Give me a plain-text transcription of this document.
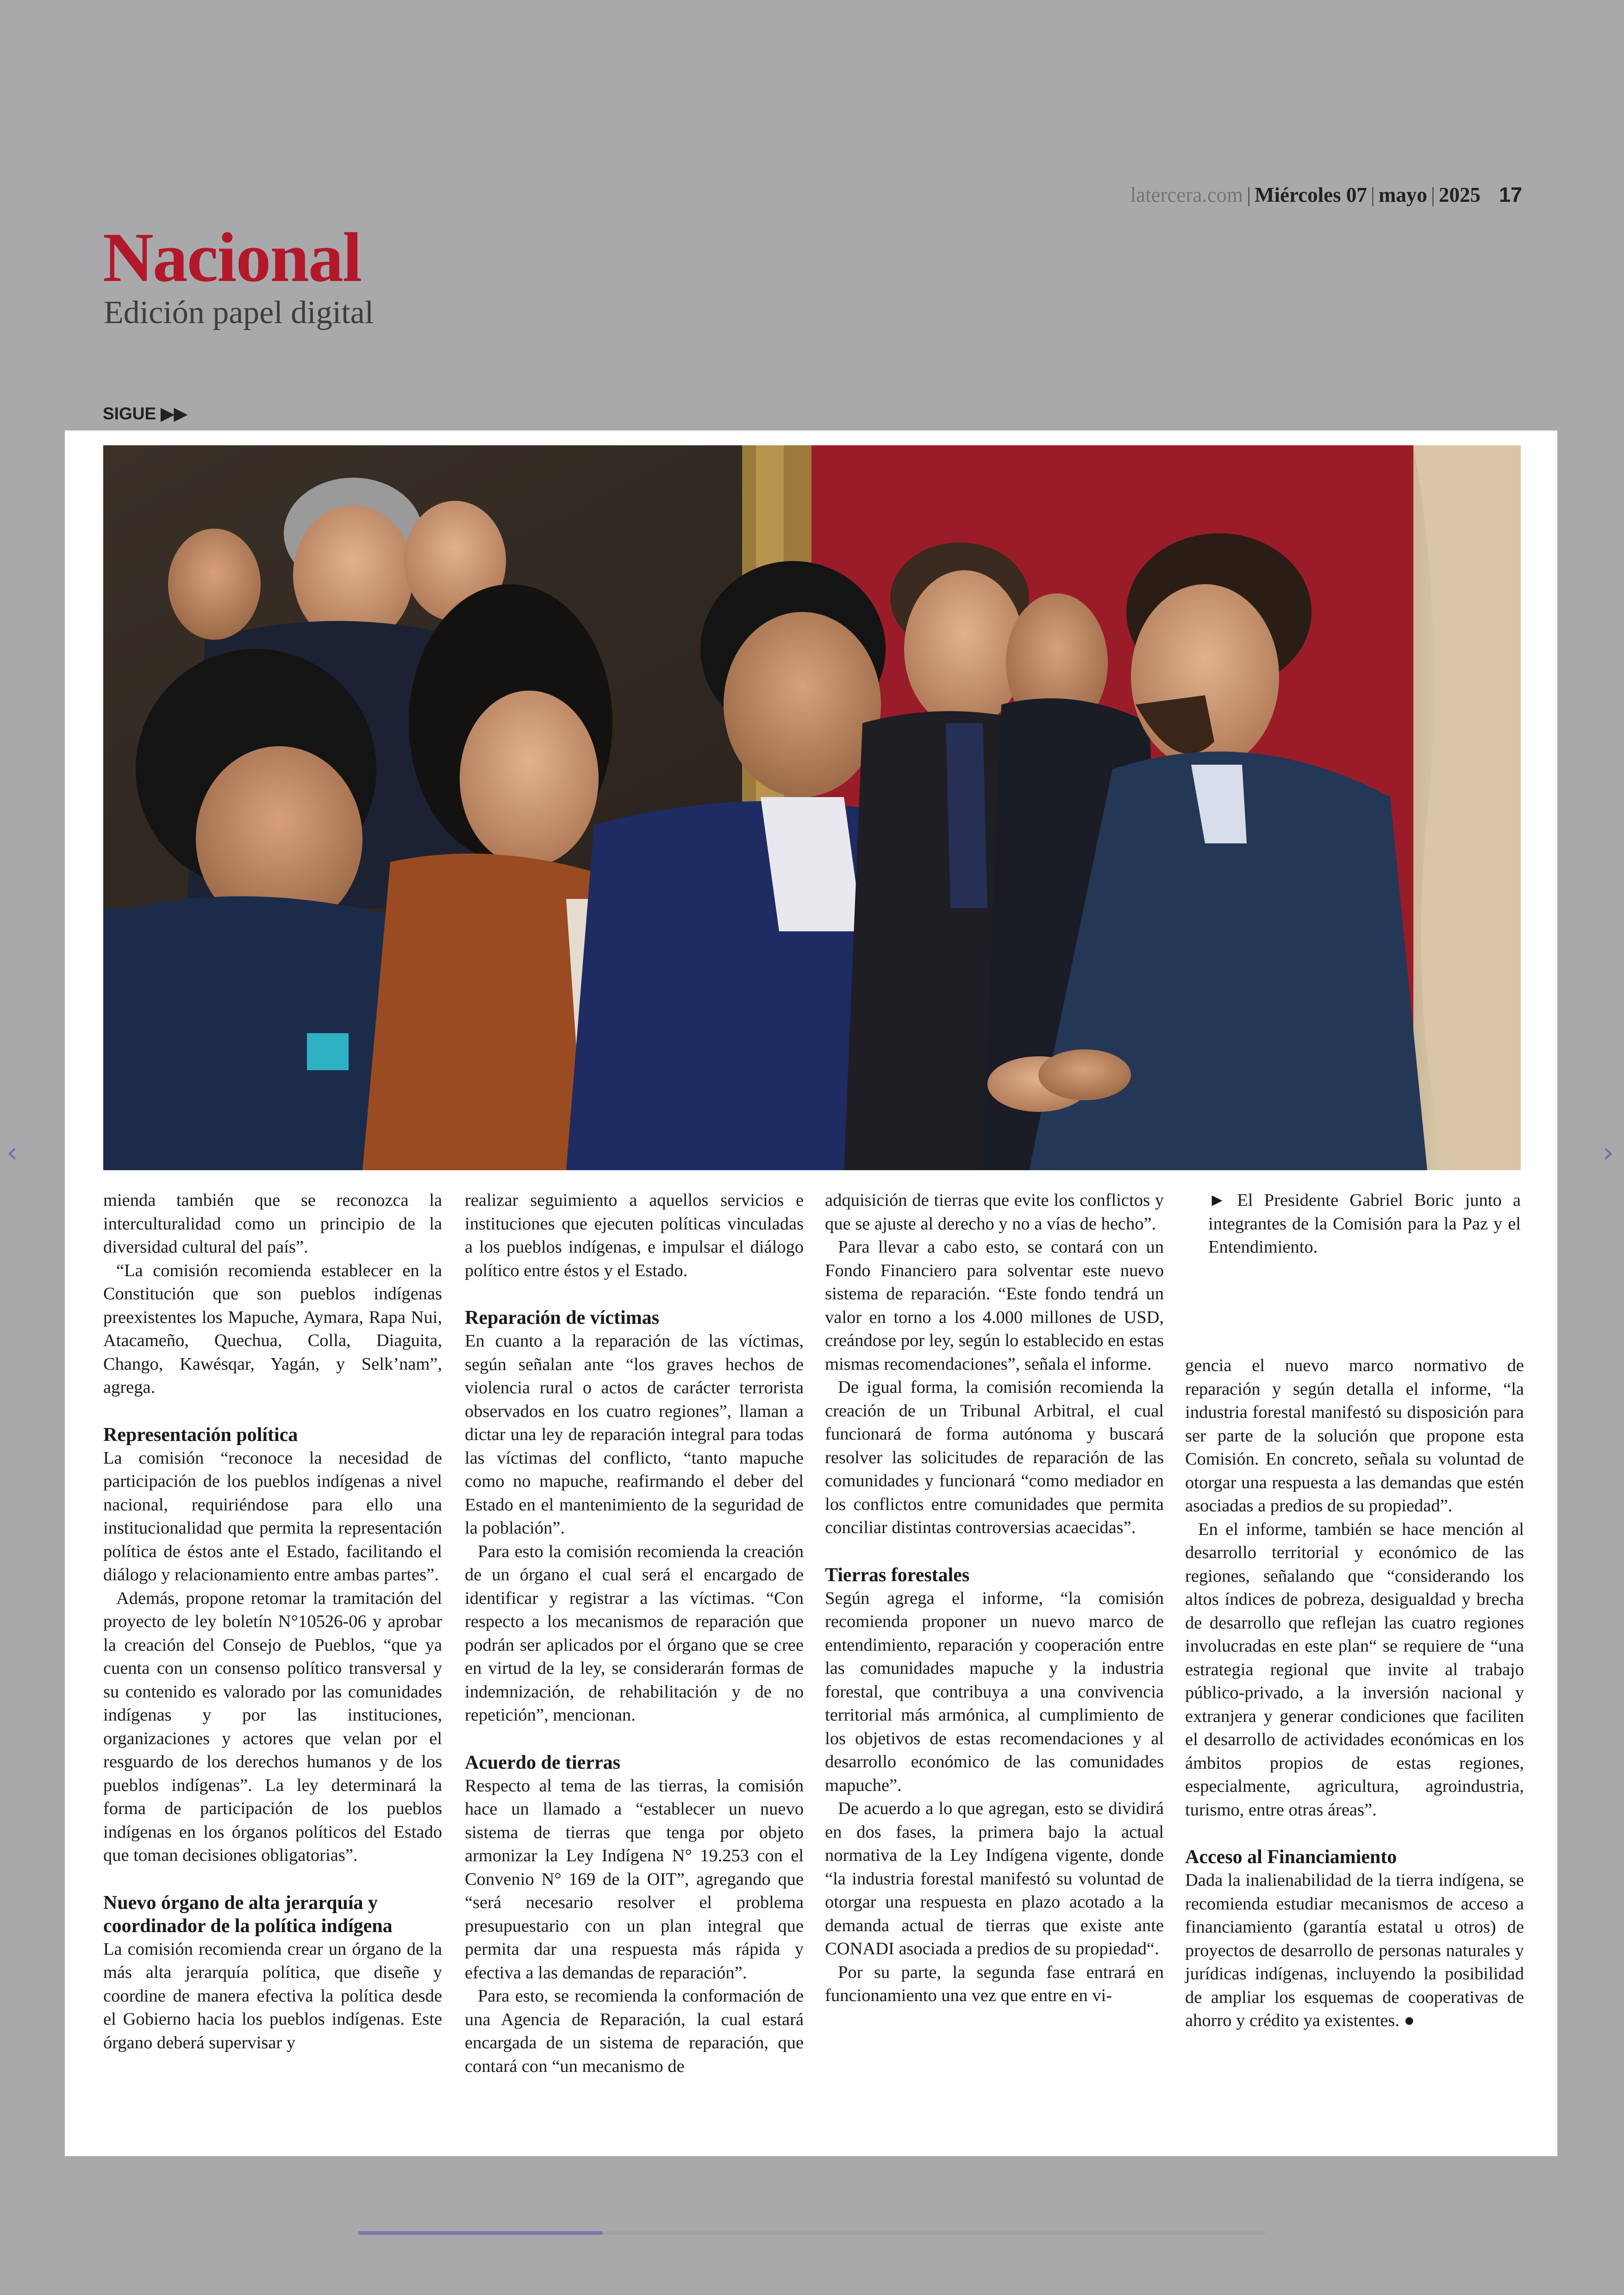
latercera.com | Miércoles 07 | mayo | 2025 17
Nacional
Edición papel digital
SIGUE ▶▶
‹	›

mienda también que se reconozca la interculturalidad como un principio de la diversidad cultural del país”.

“La comisión recomienda establecer en la Constitución que son pueblos indígenas preexistentes los Mapuche, Aymara, Rapa Nui, Atacameño, Quechua, Colla, Diaguita, Chango, Kawésqar, Yagán, y Selk’nam”, agrega.

Representación política

La comisión “reconoce la necesidad de participación de los pueblos indígenas a nivel nacional, requiriéndose para ello una institucionalidad que permita la representación política de éstos ante el Estado, facilitando el diálogo y relacionamiento entre ambas partes”.

Además, propone retomar la tramitación del proyecto de ley boletín N°10526-06 y aprobar la creación del Consejo de Pueblos, “que ya cuenta con un consenso político transversal y su contenido es valorado por las comunidades indígenas y por las instituciones, organizaciones y actores que velan por el resguardo de los derechos humanos y de los pueblos indígenas”. La ley determinará la forma de participación de los pueblos indígenas en los órganos políticos del Estado que toman decisiones obligatorias”.

Nuevo órgano de alta jerarquía y coordinador de la política indígena

La comisión recomienda crear un órgano de la más alta jerarquía política, que diseñe y coordine de manera efectiva la política desde el Gobierno hacia los pueblos indígenas. Este órgano deberá supervisar y

realizar seguimiento a aquellos servicios e instituciones que ejecuten políticas vinculadas a los pueblos indígenas, e impulsar el diálogo político entre éstos y el Estado.

Reparación de víctimas

En cuanto a la reparación de las víctimas, según señalan ante “los graves hechos de violencia rural o actos de carácter terrorista observados en los cuatro regiones”, llaman a dictar una ley de reparación integral para todas las víctimas del conflicto, “tanto mapuche como no mapuche, reafirmando el deber del Estado en el mantenimiento de la seguridad de la población”.

Para esto la comisión recomienda la creación de un órgano el cual será el encargado de identificar y registrar a las víctimas. “Con respecto a los mecanismos de reparación que podrán ser aplicados por el órgano que se cree en virtud de la ley, se considerarán formas de indemnización, de rehabilitación y de no repetición”, mencionan.

Acuerdo de tierras

Respecto al tema de las tierras, la comisión hace un llamado a “establecer un nuevo sistema de tierras que tenga por objeto armonizar la Ley Indígena N° 19.253 con el Convenio N° 169 de la OIT”, agregando que “será necesario resolver el problema presupuestario con un plan integral que permita dar una respuesta más rápida y efectiva a las demandas de reparación”.

Para esto, se recomienda la conformación de una Agencia de Reparación, la cual estará encargada de un sistema de reparación, que contará con “un mecanismo de

adquisición de tierras que evite los conflictos y que se ajuste al derecho y no a vías de hecho”.

Para llevar a cabo esto, se contará con un Fondo Financiero para solventar este nuevo sistema de reparación. “Este fondo tendrá un valor en torno a los 4.000 millones de USD, creándose por ley, según lo establecido en estas mismas recomendaciones”, señala el informe.

De igual forma, la comisión recomienda la creación de un Tribunal Arbitral, el cual funcionará de forma autónoma y buscará resolver las solicitudes de reparación de las comunidades y funcionará “como mediador en los conflictos entre comunidades que permita conciliar distintas controversias acaecidas”.

Tierras forestales

Según agrega el informe, “la comisión recomienda proponer un nuevo marco de entendimiento, reparación y cooperación entre las comunidades mapuche y la industria forestal, que contribuya a una convivencia territorial más armónica, al cumplimiento de los objetivos de estas recomendaciones y al desarrollo económico de las comunidades mapuche”.

De acuerdo a lo que agregan, esto se dividirá en dos fases, la primera bajo la actual normativa de la Ley Indígena vigente, donde “la industria forestal manifestó su voluntad de otorgar una respuesta en plazo acotado a la demanda actual de tierras que existe ante CONADI asociada a predios de su propiedad“.

Por su parte, la segunda fase entrará en funcionamiento una vez que entre en vi-

► El Presidente Gabriel Boric junto a integrantes de la Comisión para la Paz y el Entendimiento.

gencia el nuevo marco normativo de reparación y según detalla el informe, “la industria forestal manifestó su disposición para ser parte de la solución que propone esta Comisión. En concreto, señala su voluntad de otorgar una respuesta a las demandas que estén asociadas a predios de su propiedad”.

En el informe, también se hace mención al desarrollo territorial y económico de las regiones, señalando que “considerando los altos índices de pobreza, desigualdad y brecha de desarrollo que reflejan las cuatro regiones involucradas en este plan“ se requiere de “una estrategia regional que invite al trabajo público-privado, a la inversión nacional y extranjera y generar condiciones que faciliten el desarrollo de actividades económicas en los ámbitos propios de estas regiones, especialmente, agricultura, agroindustria, turismo, entre otras áreas”.

Acceso al Financiamiento

Dada la inalienabilidad de la tierra indígena, se recomienda estudiar mecanismos de acceso a financiamiento (garantía estatal u otros) de proyectos de desarrollo de personas naturales y jurídicas indígenas, incluyendo la posibilidad de ampliar los esquemas de cooperativas de ahorro y crédito ya existentes. ●
